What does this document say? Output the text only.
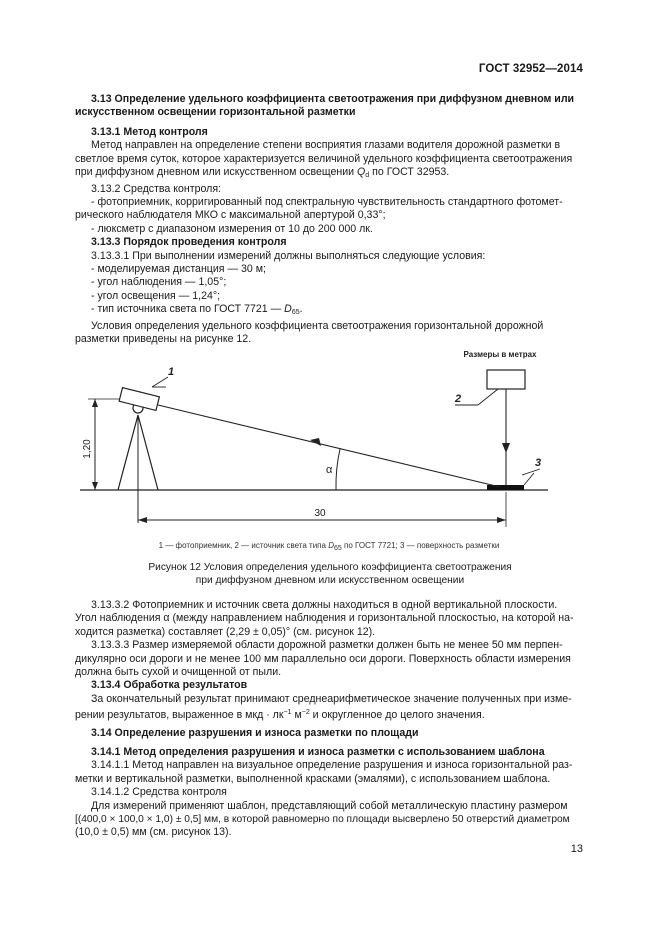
ГОСТ 32952—2014

3.13 Определение удельного коэффициента светоотражения при диффузном дневном или

искусственном освещении горизонтальной разметки

3.13.1 Метод контроля

Метод направлен на определение степени восприятия глазами водителя дорожной разметки в

светлое время суток, которое характеризуется величиной удельного коэффициента светоотражения

при диффузном дневном или искусственном освещении $Q_d$ по ГОСТ 32953.

3.13.2 Средства контроля:

- фотоприемник, корригированный под спектральную чувствительность стандартного фотомет-

рического наблюдателя МКО с максимальной апертурой 0,33°;

- люксметр с диапазоном измерения от 10 до 200 000 лк.

3.13.3 Порядок проведения контроля

3.13.3.1 При выполнении измерений должны выполняться следующие условия:

- моделируемая дистанция — 30 м;

- угол наблюдения — 1,05°;

- угол освещения — 1,24°;

- тип источника света по ГОСТ 7721 — $D_{65}$.

Условия определения удельного коэффициента светоотражения горизонтальной дорожной

разметки приведены на рисунке 12.

Размеры в метрах
α
1,20
30
1
2
3
1 — фотоприемник, 2 — источник света типа D65 по ГОСТ 7721; 3 — поверхность разметки

Рисунок 12 Условия определения удельного коэффициента светоотражения

при диффузном дневном или искусственном освещении

3.13.3.2 Фотоприемник и источник света должны находиться в одной вертикальной плоскости.

Угол наблюдения α (между направлением наблюдения и горизонтальной плоскостью, на которой на-

ходится разметка) составляет (2,29 ± 0,05)° (см. рисунок 12).

3.13.3.3 Размер измеряемой области дорожной разметки должен быть не менее 50 мм перпен-

дикулярно оси дороги и не менее 100 мм параллельно оси дороги. Поверхность области измерения

должна быть сухой и очищенной от пыли.

3.13.4 Обработка результатов

За окончательный результат принимают среднеарифметическое значение полученных при изме-

рении результатов, выраженное в мкд · $лк^{-1}$ $м^{-2}$ и округленное до целого значения.

3.14 Определение разрушения и износа разметки по площади

3.14.1 Метод определения разрушения и износа разметки с использованием шаблона

3.14.1.1 Метод направлен на визуальное определение разрушения и износа горизонтальной раз-

метки и вертикальной разметки, выполненной красками (эмалями), с использованием шаблона.

3.14.1.2 Средства контроля

Для измерений применяют шаблон, представляющий собой металлическую пластину размером

[(400,0 × 100,0 × 1,0) ± 0,5] мм, в которой равномерно по площади высверлено 50 отверстий диаметром

(10,0 ± 0,5) мм (см. рисунок 13).

13
